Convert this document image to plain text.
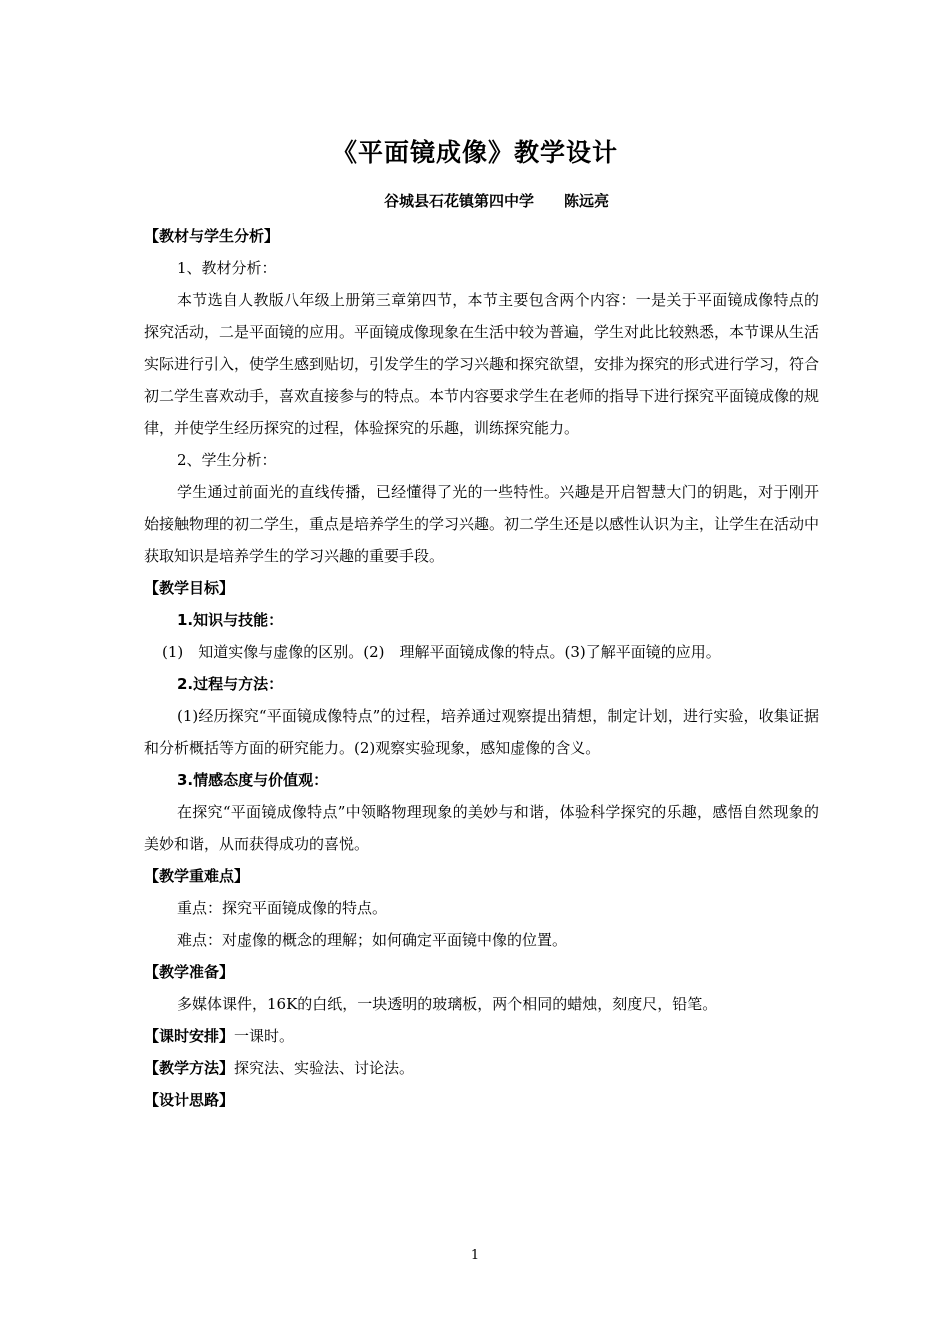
《平面镜成像》教学设计
谷城县石花镇第四中学　　陈远亮
【教材与学生分析】
1、教材分析：
本节选自人教版八年级上册第三章第四节，本节主要包含两个内容：一是关于平面镜成像特点的探究活动，二是平面镜的应用。平面镜成像现象在生活中较为普遍，学生对此比较熟悉，本节课从生活实际进行引入，使学生感到贴切，引发学生的学习兴趣和探究欲望，安排为探究的形式进行学习，符合初二学生喜欢动手，喜欢直接参与的特点。本节内容要求学生在老师的指导下进行探究平面镜成像的规律，并使学生经历探究的过程，体验探究的乐趣，训练探究能力。
2、学生分析：
学生通过前面光的直线传播，已经懂得了光的一些特性。兴趣是开启智慧大门的钥匙，对于刚开始接触物理的初二学生，重点是培养学生的学习兴趣。初二学生还是以感性认识为主，让学生在活动中获取知识是培养学生的学习兴趣的重要手段。
【教学目标】
1.知识与技能：
(1)　知道实像与虚像的区别。(2)　理解平面镜成像的特点。(3)了解平面镜的应用。
2.过程与方法：
(1)经历探究“平面镜成像特点”的过程，培养通过观察提出猜想，制定计划，进行实验，收集证据和分析概括等方面的研究能力。(2)观察实验现象，感知虚像的含义。
3.情感态度与价值观：
在探究“平面镜成像特点”中领略物理现象的美妙与和谐，体验科学探究的乐趣，感悟自然现象的美妙和谐，从而获得成功的喜悦。
【教学重难点】
重点：探究平面镜成像的特点。
难点：对虚像的概念的理解；如何确定平面镜中像的位置。
【教学准备】
多媒体课件，16K的白纸，一块透明的玻璃板，两个相同的蜡烛，刻度尺，铅笔。
【课时安排】一课时。
【教学方法】探究法、实验法、讨论法。
【设计思路】
1
